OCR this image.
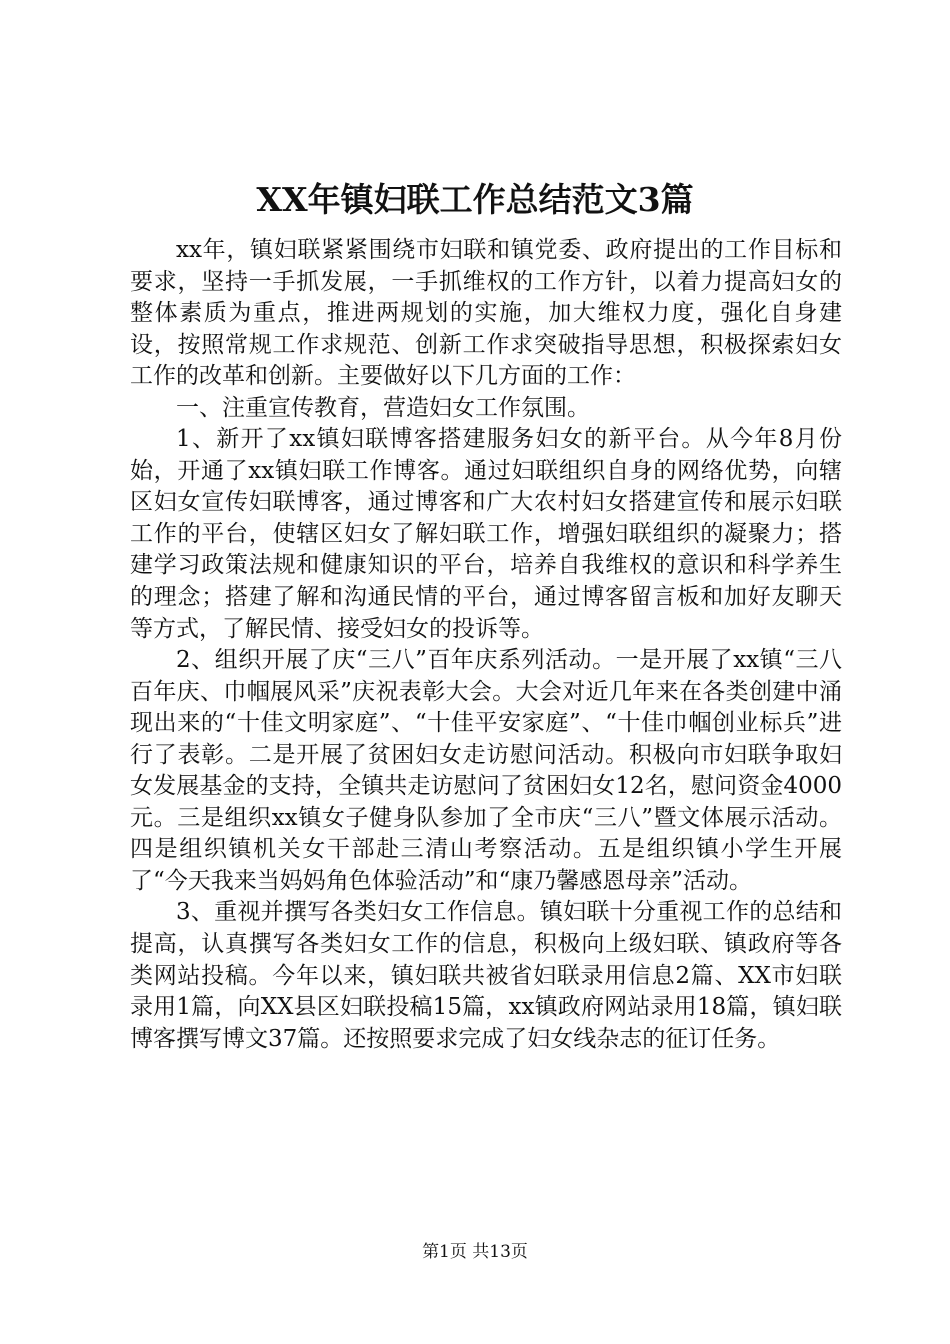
XX年镇妇联工作总结范文3篇

xx年，镇妇联紧紧围绕市妇联和镇党委、政府提出的工作目标和要求，坚持一手抓发展，一手抓维权的工作方针，以着力提高妇女的整体素质为重点，推进两规划的实施，加大维权力度，强化自身建设，按照常规工作求规范、创新工作求突破指导思想，积极探索妇女工作的改革和创新。主要做好以下几方面的工作：

一、注重宣传教育，营造妇女工作氛围。

1、新开了xx镇妇联博客搭建服务妇女的新平台。从今年8月份始，开通了xx镇妇联工作博客。通过妇联组织自身的网络优势，向辖区妇女宣传妇联博客，通过博客和广大农村妇女搭建宣传和展示妇联工作的平台，使辖区妇女了解妇联工作，增强妇联组织的凝聚力；搭建学习政策法规和健康知识的平台，培养自我维权的意识和科学养生的理念；搭建了解和沟通民情的平台，通过博客留言板和加好友聊天等方式，了解民情、接受妇女的投诉等。

2、组织开展了庆“三八”百年庆系列活动。一是开展了xx镇“三八百年庆、巾帼展风采”庆祝表彰大会。大会对近几年来在各类创建中涌现出来的“十佳文明家庭”、“十佳平安家庭”、“十佳巾帼创业标兵”进行了表彰。二是开展了贫困妇女走访慰问活动。积极向市妇联争取妇女发展基金的支持，全镇共走访慰问了贫困妇女12名，慰问资金4000元。三是组织xx镇女子健身队参加了全市庆“三八”暨文体展示活动。四是组织镇机关女干部赴三清山考察活动。五是组织镇小学生开展了“今天我来当妈妈角色体验活动”和“康乃馨感恩母亲”活动。

3、重视并撰写各类妇女工作信息。镇妇联十分重视工作的总结和提高，认真撰写各类妇女工作的信息，积极向上级妇联、镇政府等各类网站投稿。今年以来，镇妇联共被省妇联录用信息2篇、XX市妇联录用1篇，向XX县区妇联投稿15篇，xx镇政府网站录用18篇，镇妇联博客撰写博文37篇。还按照要求完成了妇女线杂志的征订任务。

第1页 共13页
